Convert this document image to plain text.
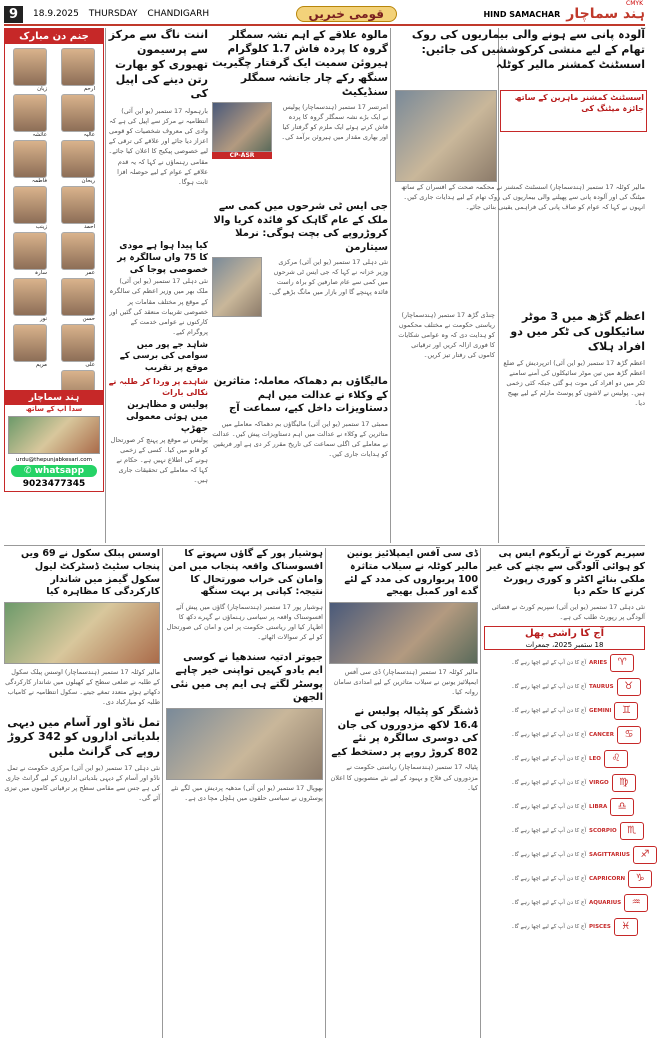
9	18.9.2025 THURSDAY CHANDIGARH	قومی خبریں	HIND SAMACHAR ہند سماچار
CMYK
جنم دن مبارک
ارحم
زیان
عالیہ
عائشہ
ریحان
فاطمہ
احمد
زینب
عمر
سارہ
حسن
نور
علی
مریم
ہند سماچار
سدا آپ کے ساتھ
urdu@thepunjabkesari.com
✆ whatsapp
9023477345
اننت ناگ سے مرکز سے پرسیمون تھیوری کو بھارت رتن دینے کی اپیل کی
بارہمولہ 17 ستمبر (یو این آئی) انتظامیہ نے مرکز سے اپیل کی ہے کہ وادی کی معروف شخصیات کو قومی اعزاز دیا جائے اور علاقے کی ترقی کے لیے خصوصی پیکیج کا اعلان کیا جائے۔ مقامی رہنماؤں نے کہا کہ یہ قدم علاقے کے عوام کے لیے حوصلہ افزا ثابت ہوگا۔
کیا پیدا ہوا ہے مودی کا 75 واں سالگرہ پر خصوصی پوجا کی
نئی دہلی 17 ستمبر (یو این آئی) ملک بھر میں وزیر اعظم کی سالگرہ کے موقع پر مختلف مقامات پر خصوصی تقریبات منعقد کی گئیں اور کارکنوں نے عوامی خدمت کے پروگرام کیے۔
شاہد جے پور میں سوامی کی برسی کے موقع پر تقریب
شاہدے پر وردا کر طلبہ نے نکالی بارات
پولیس و مظاہرین میں ہوئی معمولی جھڑپ
پولیس نے موقع پر پہنچ کر صورتحال کو قابو میں کیا۔ کسی کے زخمی ہونے کی اطلاع نہیں ہے۔ حکام نے کہا کہ معاملے کی تحقیقات جاری ہیں۔
مالوہ علاقے کے اہم نشہ سمگلر گروہ کا پردہ فاش 1.7 کلوگرام ہیروئن سمیت ایک گرفتار چگیریت سنگھ رکے چار جانشہ سمگلر سنڈیکیٹ
امرتسر 17 ستمبر (ہندسماچار) پولیس نے ایک بڑے نشہ سمگلر گروہ کا پردہ فاش کرتے ہوئے ایک ملزم کو گرفتار کیا اور بھاری مقدار میں ہیروئن برآمد کی۔
CP-ASR
جی ایس ٹی شرحوں میں کمی سے ملک کے عام گاہک کو فائدہ کریا والا کروڑروپے کی بچت ہوگی: نرملا سیتارمن
نئی دہلی 17 ستمبر (یو این آئی) مرکزی وزیر خزانہ نے کہا کہ جی ایس ٹی شرحوں میں کمی سے عام صارفین کو براہ راست فائدہ پہنچے گا اور بازار میں مانگ بڑھے گی۔
مالیگاؤں بم دھماکہ معاملہ: متاثرین کے وکلاء نے عدالت میں اہم دستاویزات داخل کیے، سماعت آج
ممبئی 17 ستمبر (یو این آئی) مالیگاؤں بم دھماکہ معاملے میں متاثرین کے وکلاء نے عدالت میں اہم دستاویزات پیش کیں۔ عدالت نے معاملے کی اگلی سماعت کی تاریخ مقرر کر دی ہے اور فریقین کو ہدایات جاری کیں۔
آلودہ پانی سے ہونے والی بیماریوں کی روک تھام کے لیے منشی کرکوششیں کی جائیں: اسسٹنٹ کمشنر مالیر کوٹلہ
اسسٹنٹ کمشنر ماہرین کے ساتھ جائزہ میٹنگ کی
مالیر کوٹلہ 17 ستمبر (ہندسماچار) اسسٹنٹ کمشنر نے محکمہ صحت کے افسران کے ساتھ میٹنگ کی اور آلودہ پانی سے پھیلنے والی بیماریوں کی روک تھام کے لیے ہدایات جاری کیں۔ انہوں نے کہا کہ عوام کو صاف پانی کی فراہمی یقینی بنائی جائے۔
اعظم گڑھ میں 3 موٹر سائیکلوں کی ٹکر میں دو افراد ہلاک
اعظم گڑھ 17 ستمبر (یو این آئی) اترپردیش کے ضلع اعظم گڑھ میں تین موٹر سائیکلوں کی آمنے سامنے ٹکر میں دو افراد کی موت ہو گئی جبکہ کئی زخمی ہیں۔ پولیس نے لاشوں کو پوسٹ مارٹم کے لیے بھیج دیا۔
چنڈی گڑھ 17 ستمبر (ہندسماچار) ریاستی حکومت نے مختلف محکموں کو ہدایت دی کہ وہ عوامی شکایات کا فوری ازالہ کریں اور ترقیاتی کاموں کی رفتار تیز کریں۔
اوسس پبلک سکول نے 69 ویں پنجاب سٹیٹ ڈسٹرکٹ لیول سکول گیمز میں شاندار کارکردگی کا مظاہرہ کیا
مالیر کوٹلہ 17 ستمبر (ہندسماچار) اوسس پبلک سکول کے طلبہ نے ضلعی سطح کے کھیلوں میں شاندار کارکردگی دکھاتے ہوئے متعدد تمغے جیتے۔ سکول انتظامیہ نے کامیاب طلبہ کو مبارکباد دی۔
تمل ناڈو اور آسام میں دیہی بلدیاتی اداروں کو 342 کروڑ روپے کی گرانٹ ملیں
نئی دہلی 17 ستمبر (یو این آئی) مرکزی حکومت نے تمل ناڈو اور آسام کے دیہی بلدیاتی اداروں کے لیے گرانٹ جاری کی ہے جس سے مقامی سطح پر ترقیاتی کاموں میں تیزی آئے گی۔
ہوشیار پور کے گاؤں سہوتے کا افسوسناک واقعہ پنجاب میں امن وامان کی خراب صورتحال کا نتیجہ: کپانی پر بہت سنگھ
ہوشیار پور 17 ستمبر (ہندسماچار) گاؤں میں پیش آئے افسوسناک واقعہ پر سیاسی رہنماؤں نے گہرے دکھ کا اظہار کیا اور ریاستی حکومت پر امن و امان کی صورتحال کو لے کر سوالات اٹھائے۔
جیوتر ادتیہ سندھیا نے کوسی ایم یادو کہیں تواپنی خیر چاہے پوسٹر لگتے ہی ایم پی میں نئی الجھن
بھوپال 17 ستمبر (یو این آئی) مدھیہ پردیش میں لگے نئے پوسٹروں نے سیاسی حلقوں میں ہلچل مچا دی ہے۔
ڈی سی آفس ایمپلائیز یونین مالیر کوٹلہ نے سیلاب متاثرہ 100 پریواروں کی مدد کے لئے گدے اور کمبل بھیجے
مالیر کوٹلہ 17 ستمبر (ہندسماچار) ڈی سی آفس ایمپلائیز یونین نے سیلاب متاثرین کے لیے امدادی سامان روانہ کیا۔
ڈشنگر کو پٹیالہ پولیس نے 16.4 لاکھ مزدوروں کی جان کی دوسری سالگرہ پر نئے 802 کروڑ روپے پر دستخط کیے
پٹیالہ 17 ستمبر (ہندسماچار) ریاستی حکومت نے مزدوروں کی فلاح و بہبود کے لیے نئے منصوبوں کا اعلان کیا۔
سپریم کورٹ نے آریکوم ایس پی کو ہوائی آلودگی سے بچنے کی غیر ملکی بنائے اکٹر و کوری رپورٹ کرنے کا حکم دیا
نئی دہلی 17 ستمبر (یو این آئی) سپریم کورٹ نے فضائی آلودگی پر رپورٹ طلب کی ہے۔
آج کا راشی پھل
18 ستمبر 2025، جمعرات
♈
ARIES
آج کا دن آپ کے لیے اچھا رہے گا۔
♉
TAURUS
آج کا دن آپ کے لیے اچھا رہے گا۔
♊
GEMINI
آج کا دن آپ کے لیے اچھا رہے گا۔
♋
CANCER
آج کا دن آپ کے لیے اچھا رہے گا۔
♌
LEO
آج کا دن آپ کے لیے اچھا رہے گا۔
♍
VIRGO
آج کا دن آپ کے لیے اچھا رہے گا۔
♎
LIBRA
آج کا دن آپ کے لیے اچھا رہے گا۔
♏
SCORPIO
آج کا دن آپ کے لیے اچھا رہے گا۔
♐
SAGITTARIUS
آج کا دن آپ کے لیے اچھا رہے گا۔
♑
CAPRICORN
آج کا دن آپ کے لیے اچھا رہے گا۔
♒
AQUARIUS
آج کا دن آپ کے لیے اچھا رہے گا۔
♓
PISCES
آج کا دن آپ کے لیے اچھا رہے گا۔
